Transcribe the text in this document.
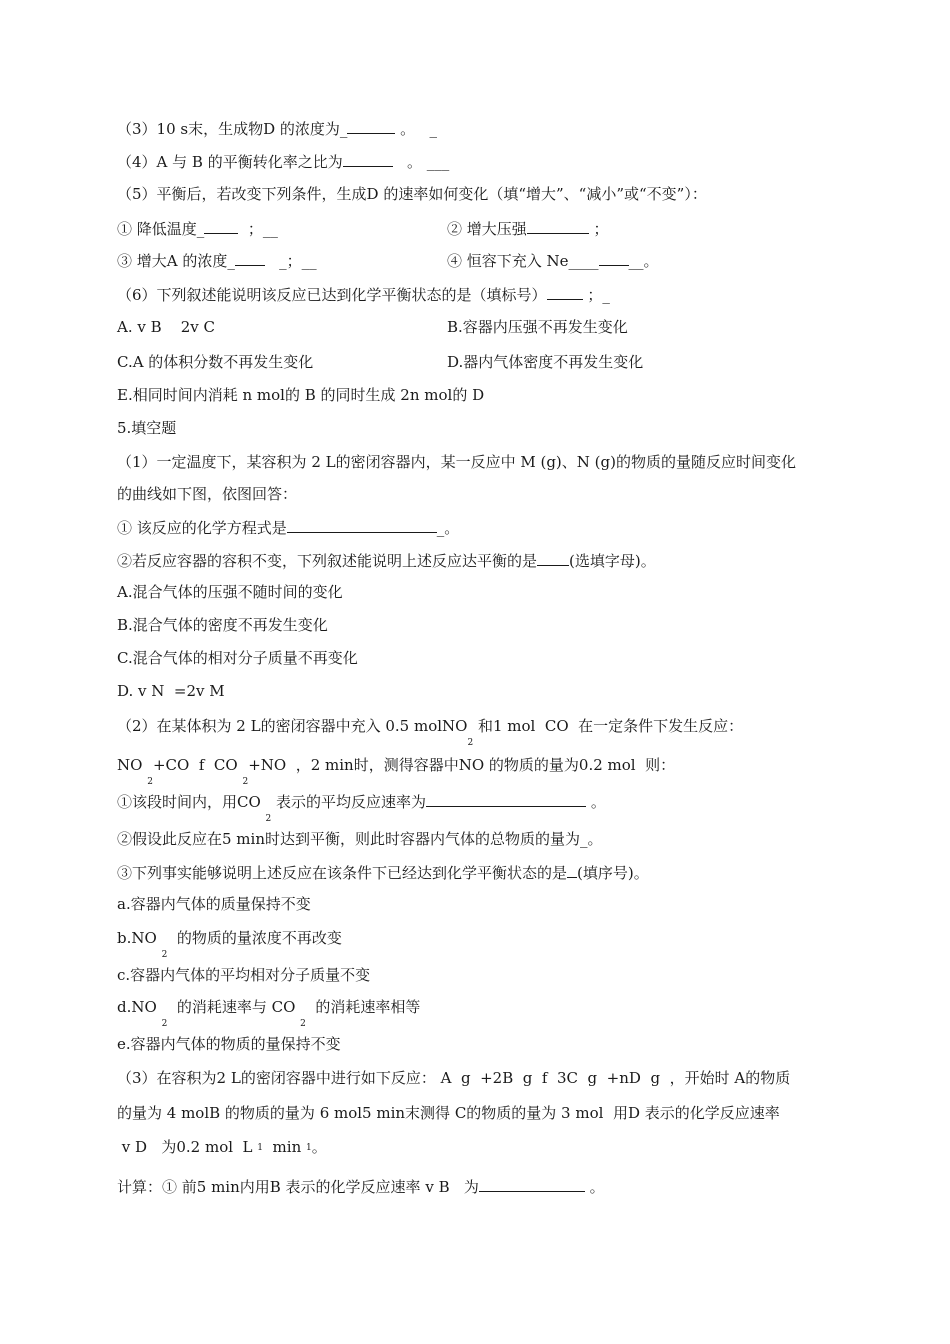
（3）10 s末，生成物D 的浓度为_	。   _
（4）A 与 B 的平衡转化率之比为	。 ___
（5）平衡后，若改变下列条件，生成D 的速率如何变化（填“增大”、“减小”或“不变”）：
① 降低温度_  ；__	② 增大压强	；
③ 增大A 的浓度_   _；__	④ 恒容下充入 Ne____ __。
（6）下列叙述能说明该反应已达到化学平衡状态的是（填标号） ；_
A. v B    2v C	B.容器内压强不再发生变化
C.A 的体积分数不再发生变化	D.器内气体密度不再发生变化
E.相同时间内消耗 n mol的 B 的同时生成 2n mol的 D
5.填空题
（1）一定温度下，某容积为 2 L的密闭容器内，某一反应中 M (g)、N (g)的物质的量随反应时间变化
的曲线如下图，依图回答：
① 该反应的化学方程式是	_。
②若反应容器的容积不变，下列叙述能说明上述反应达平衡的是 (选填字母)。
A.混合气体的压强不随时间的变化
B.混合气体的密度不再发生变化
C.混合气体的相对分子质量不再变化
D. v N  =2v M
（2）在某体积为 2 L的密闭容器中充入 0.5 molNO$_2$ 和1 mol  CO  在一定条件下发生反应：
NO $_2$+CO  f  CO $_2$+NO  ，2 min时，测得容器中NO 的物质的量为0.2 mol  则：
①该段时间内，用CO $_2$ 表示的平均反应速率为	。
②假设此反应在5 min时达到平衡，则此时容器内气体的总物质的量为_。
③下列事实能够说明上述反应在该条件下已经达到化学平衡状态的是 (填序号)。
a.容器内气体的质量保持不变
b.NO $_2$  的物质的量浓度不再改变
c.容器内气体的平均相对分子质量不变
d.NO $_2$  的消耗速率与 CO $_2$  的消耗速率相等
e.容器内气体的物质的量保持不变
（3）在容积为2 L的密闭容器中进行如下反应： A  g  +2B  g  f  3C  g  +nD  g  ，开始时 A的物质
的量为 4 molB 的物质的量为 6 mol5 min末测得 C的物质的量为 3 mol  用D 表示的化学反应速率
v D   为0.2 mol  L 1  min 1。
计算：① 前5 min内用B 表示的化学反应速率 v B   为	。
